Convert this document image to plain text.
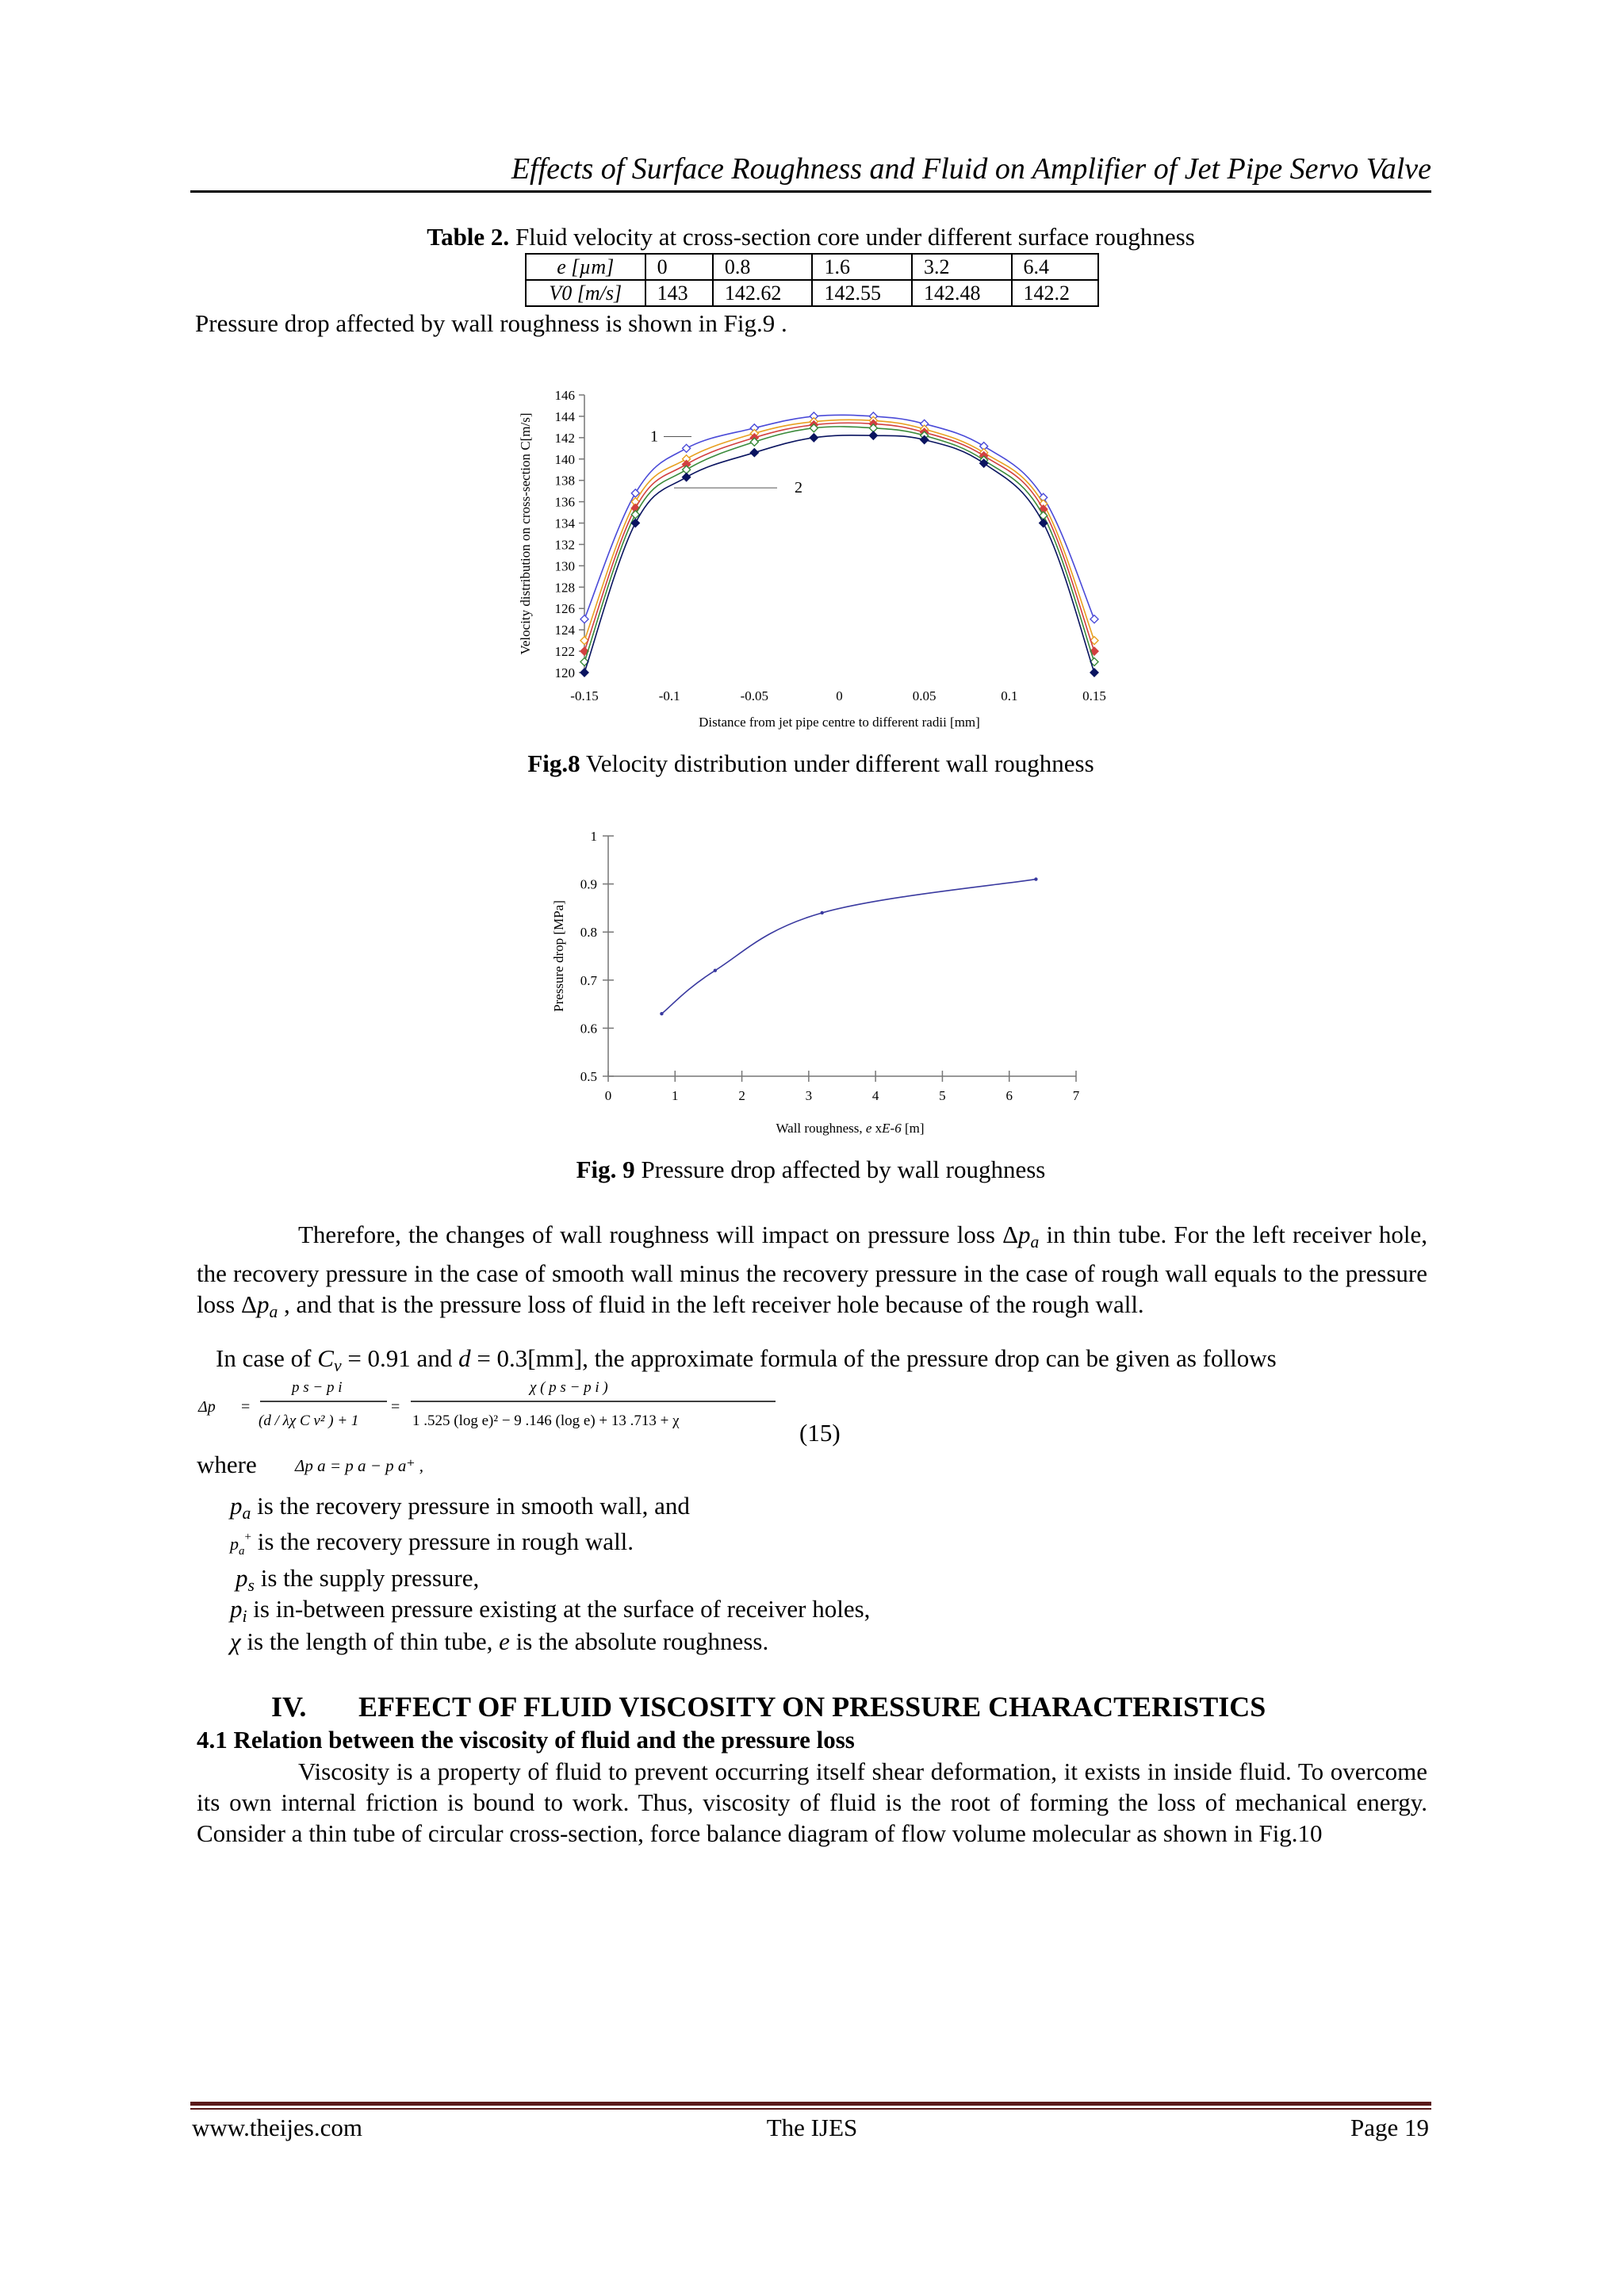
Effects of Surface Roughness and Fluid on Amplifier of Jet Pipe Servo Valve
Table 2. Fluid velocity at cross-section core under different surface roughness
e [µm]	0	0.8	1.6	3.2	6.4
V0 [m/s]	143	142.62	142.55	142.48	142.2
Pressure drop affected by wall roughness is shown in Fig.9 .
120
122
124
126
128
130
132
134
136
138
140
142
144
146
-0.15	-0.1	-0.05	0	0.05	0.1	0.15
Distance from jet pipe centre to different radii [mm]
Velocity distribution on cross-section C[m/s]	1
2
Fig.8 Velocity distribution under different wall roughness
0.5
0.6
0.7
0.8
0.9
1
0	1	2	3	4	5	6	7
Wall roughness, e xE-6 [m]
Pressure drop [MPa]
Fig. 9 Pressure drop affected by wall roughness
Therefore, the changes of wall roughness will impact on pressure loss $\Delta p_a$ in thin tube. For the left receiver hole, the recovery pressure in the case of smooth wall minus the recovery pressure in the case of rough wall equals to the pressure loss $\Delta p_a$ , and that is the pressure loss of fluid in the left receiver hole because of the rough wall.
In case of $C_v = 0.91$ and d = 0.3[mm], the approximate formula of the pressure drop can be given as follows
Δp =
p s − p i
(d / λχ C v² ) + 1
=
χ ( p s − p i )
1 .525 (log e)² − 9 .146 (log e) + 13 .713 + χ	(15)
where Δp a = p a − p a⁺ ,
$p_a$ is the recovery pressure in smooth wall, and
$p_a^+$ is the recovery pressure in rough wall.
$p_s$ is the supply pressure,
$p_i$ is in-between pressure existing at the surface of receiver holes,
χ is the length of thin tube, e is the absolute roughness.
IV. EFFECT OF FLUID VISCOSITY ON PRESSURE CHARACTERISTICS
4.1 Relation between the viscosity of fluid and the pressure loss
Viscosity is a property of fluid to prevent occurring itself shear deformation, it exists in inside fluid. To overcome its own internal friction is bound to work. Thus, viscosity of fluid is the root of forming the loss of mechanical energy. Consider a thin tube of circular cross-section, force balance diagram of flow volume molecular as shown in Fig.10
www.theijes.com	The IJES	Page 19
